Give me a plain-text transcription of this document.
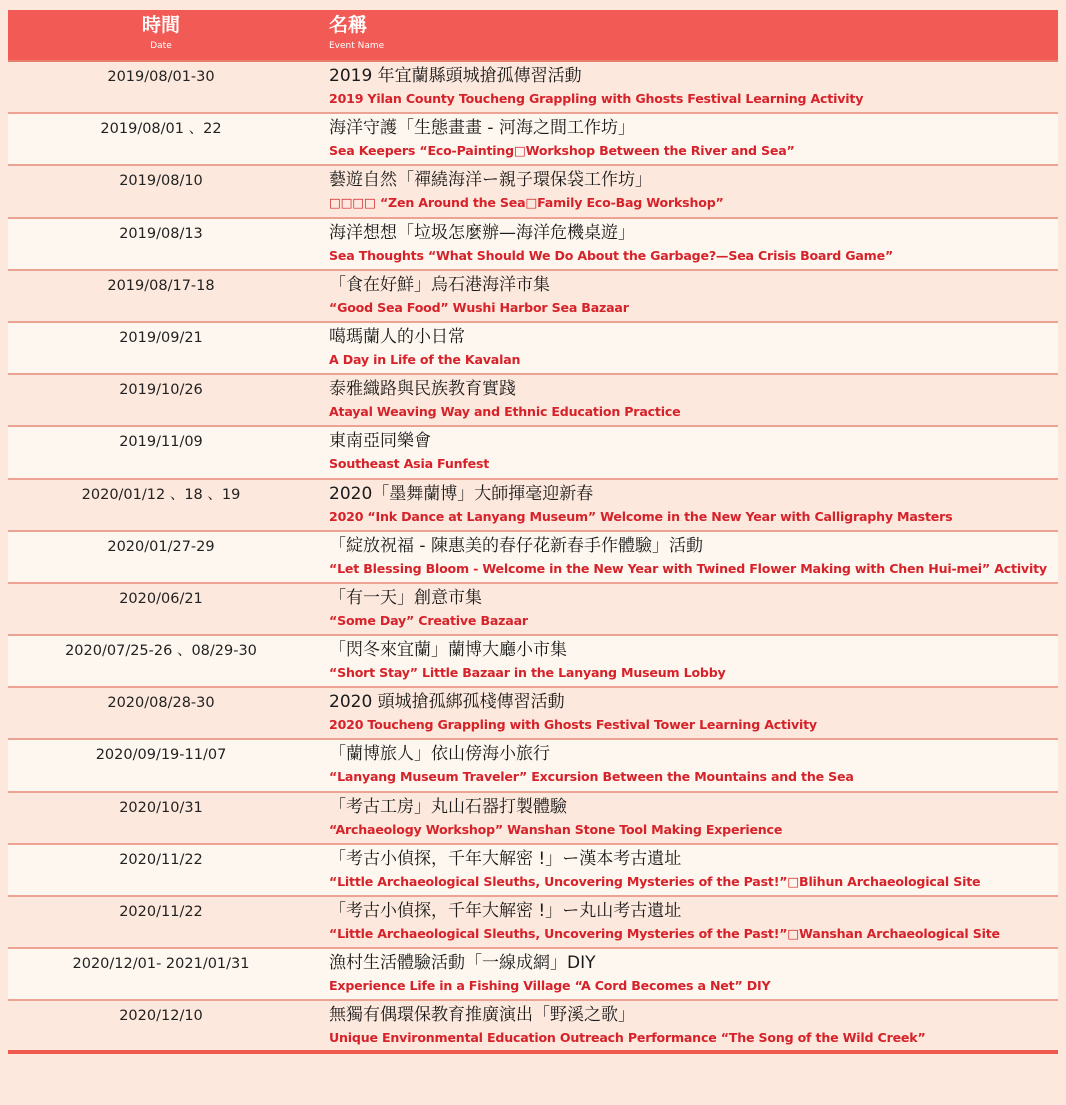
時間
Date
名稱
Event Name
2019/08/01-30	2019 年宜蘭縣頭城搶孤傳習活動
2019 Yilan County Toucheng Grappling with Ghosts Festival Learning Activity
2019/08/01 、22	海洋守護「生態畫畫 - 河海之間工作坊」
Sea Keepers “Eco-Painting□Workshop Between the River and Sea”
2019/08/10	藝遊自然「禪繞海洋ー親子環保袋工作坊」
□□□□ “Zen Around the Sea□Family Eco-Bag Workshop”
2019/08/13	海洋想想「垃圾怎麼辦—海洋危機桌遊」
Sea Thoughts “What Should We Do About the Garbage?—Sea Crisis Board Game”
2019/08/17-18	「食在好鮮」烏石港海洋市集
“Good Sea Food” Wushi Harbor Sea Bazaar
2019/09/21	噶瑪蘭人的小日常
A Day in Life of the Kavalan
2019/10/26	泰雅織路與民族教育實踐
Atayal Weaving Way and Ethnic Education Practice
2019/11/09	東南亞同樂會
Southeast Asia Funfest
2020/01/12 、18 、19	2020「墨舞蘭博」大師揮毫迎新春
2020 “Ink Dance at Lanyang Museum” Welcome in the New Year with Calligraphy Masters
2020/01/27-29	「綻放祝福 - 陳惠美的春仔花新春手作體驗」活動
“Let Blessing Bloom - Welcome in the New Year with Twined Flower Making with Chen Hui-mei” Activity
2020/06/21	「有一天」創意市集
“Some Day” Creative Bazaar
2020/07/25-26 、08/29-30	「閃冬來宜蘭」蘭博大廳小市集
“Short Stay” Little Bazaar in the Lanyang Museum Lobby
2020/08/28-30	2020 頭城搶孤綁孤棧傳習活動
2020 Toucheng Grappling with Ghosts Festival Tower Learning Activity
2020/09/19-11/07	「蘭博旅人」依山傍海小旅行
“Lanyang Museum Traveler” Excursion Between the Mountains and the Sea
2020/10/31	「考古工房」丸山石器打製體驗
“Archaeology Workshop” Wanshan Stone Tool Making Experience
2020/11/22	「考古小偵探，千年大解密 !」ー漢本考古遺址
“Little Archaeological Sleuths, Uncovering Mysteries of the Past!”□Blihun Archaeological Site
2020/11/22	「考古小偵探，千年大解密 !」ー丸山考古遺址
“Little Archaeological Sleuths, Uncovering Mysteries of the Past!”□Wanshan Archaeological Site
2020/12/01- 2021/01/31	漁村生活體驗活動「一線成網」DIY
Experience Life in a Fishing Village “A Cord Becomes a Net” DIY
2020/12/10	無獨有偶環保教育推廣演出「野溪之歌」
Unique Environmental Education Outreach Performance “The Song of the Wild Creek”
